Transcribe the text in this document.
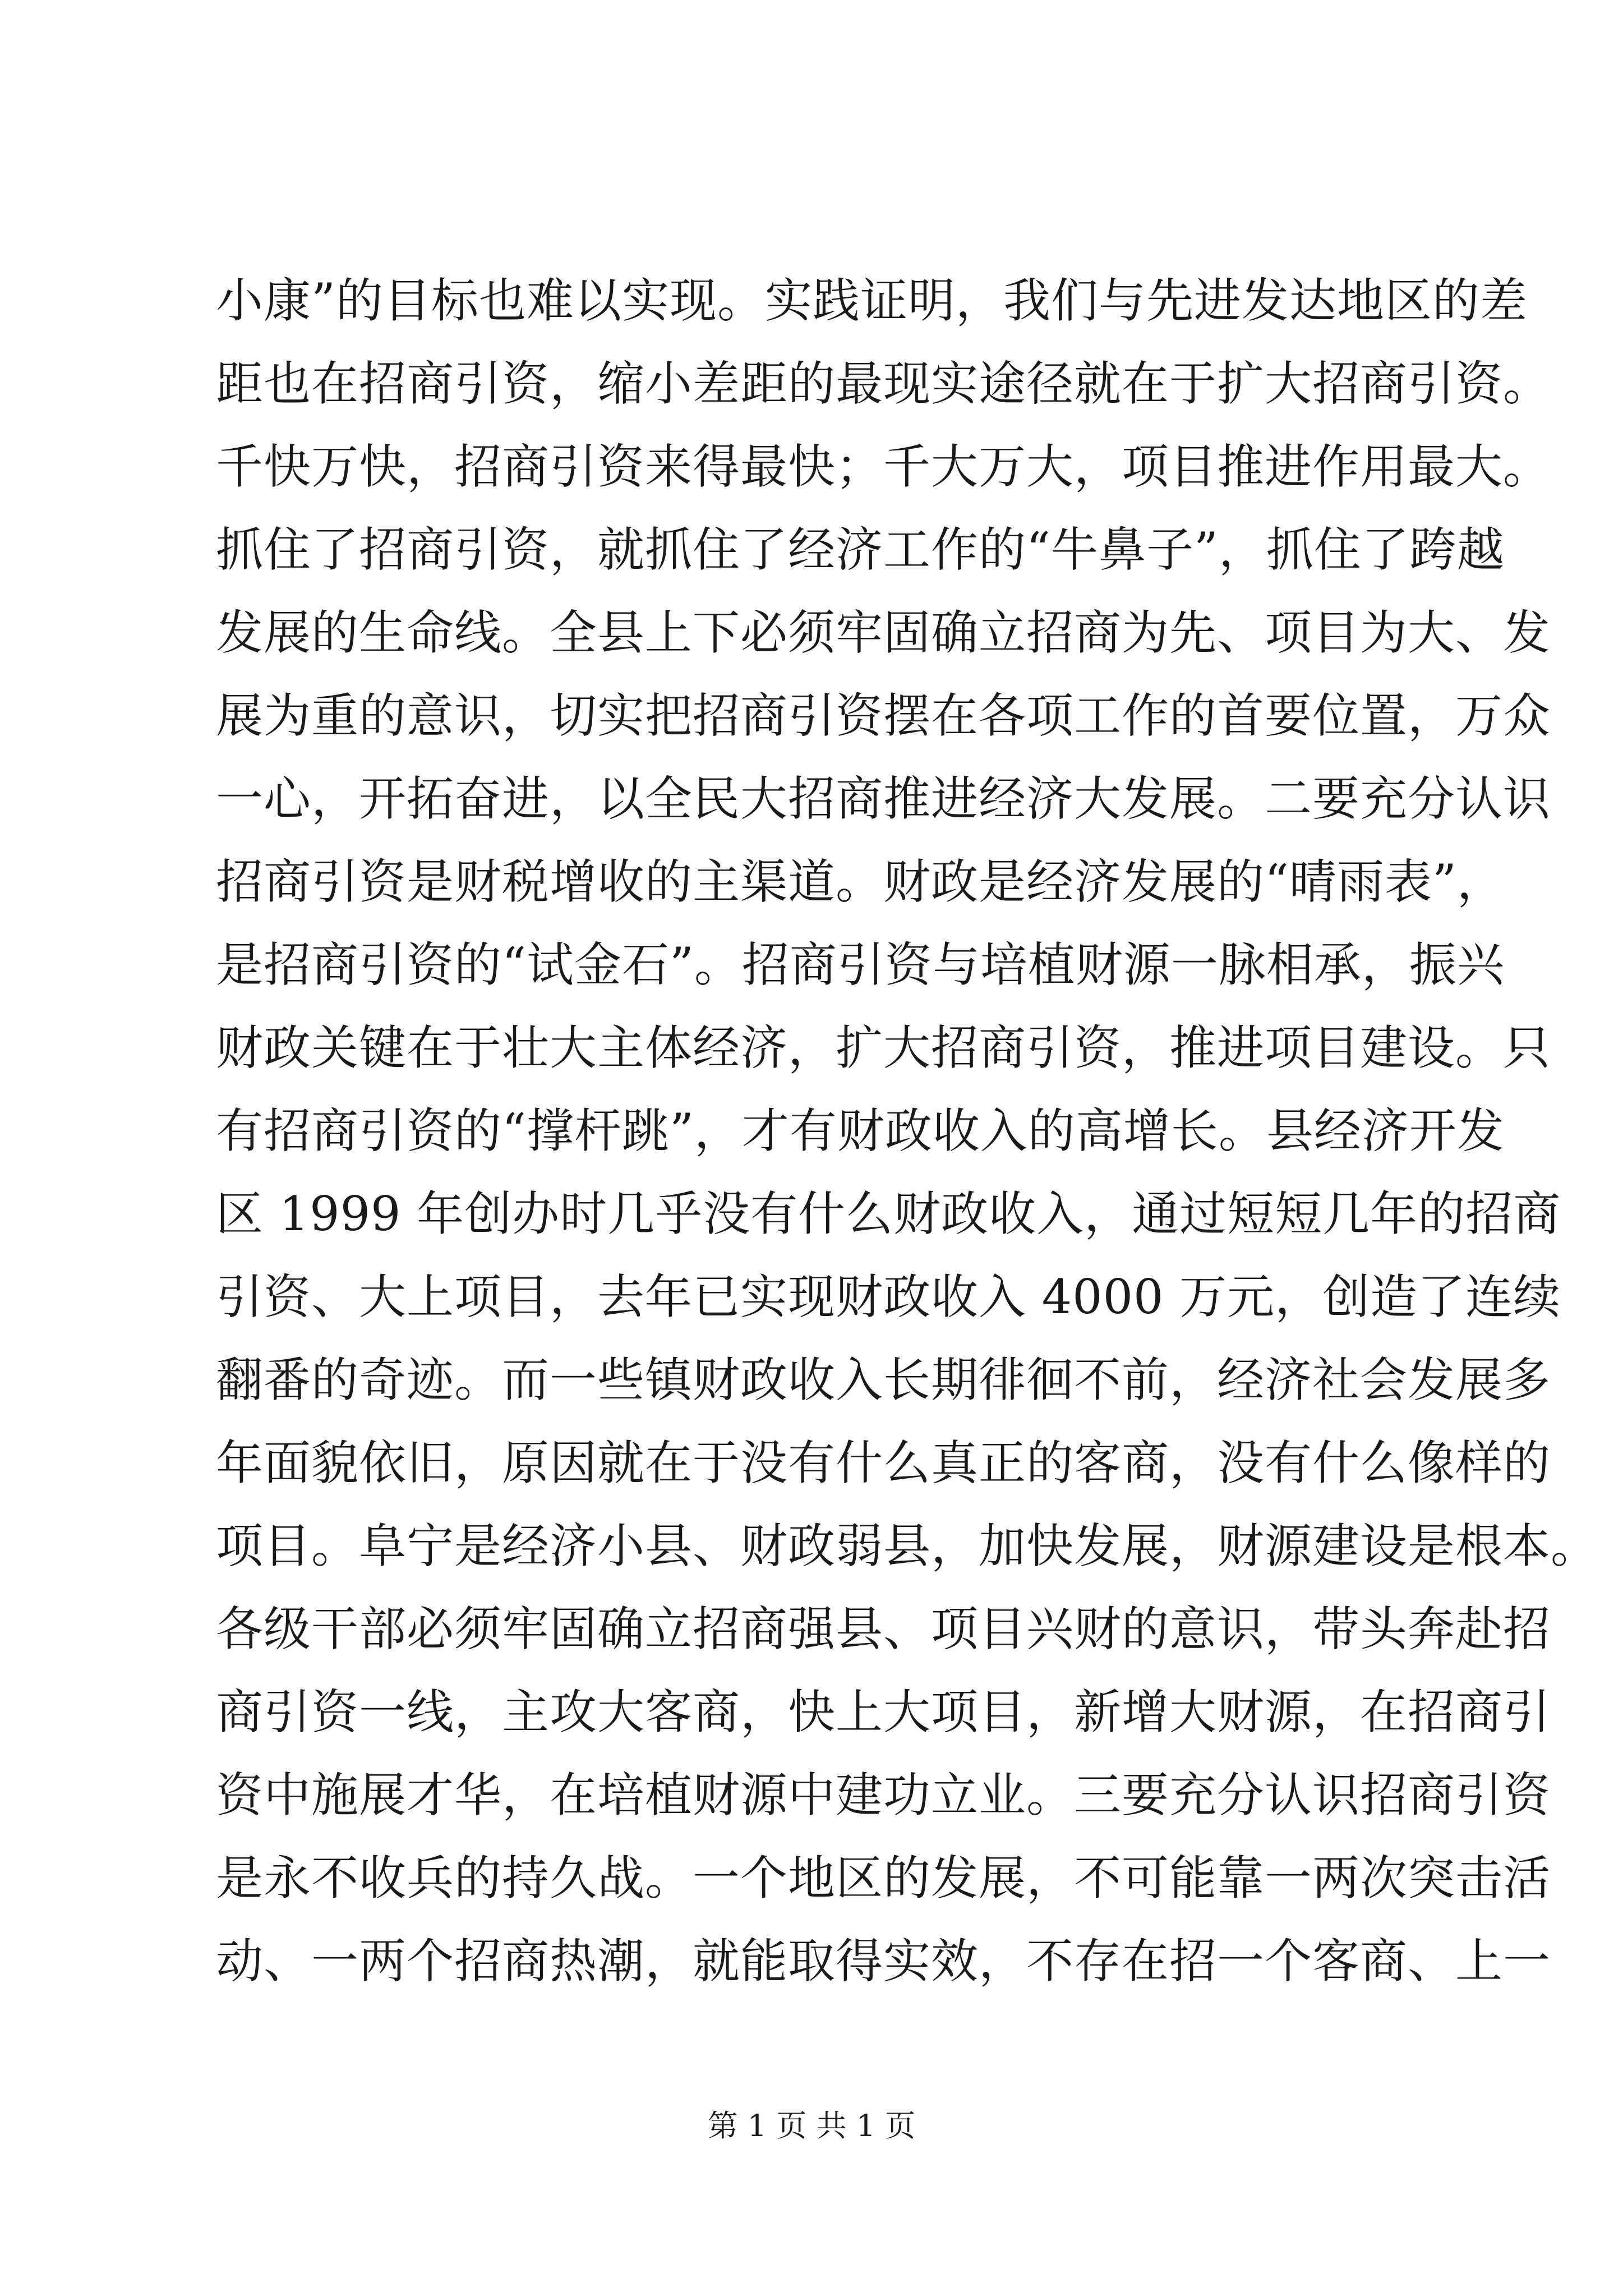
小康”的目标也难以实现。实践证明，我们与先进发达地区的差
距也在招商引资，缩小差距的最现实途径就在于扩大招商引资。
千快万快，招商引资来得最快；千大万大，项目推进作用最大。
抓住了招商引资，就抓住了经济工作的“牛鼻子”，抓住了跨越
发展的生命线。全县上下必须牢固确立招商为先、项目为大、发
展为重的意识，切实把招商引资摆在各项工作的首要位置，万众
一心，开拓奋进，以全民大招商推进经济大发展。二要充分认识
招商引资是财税增收的主渠道。财政是经济发展的“晴雨表”，
是招商引资的“试金石”。招商引资与培植财源一脉相承，振兴
财政关键在于壮大主体经济，扩大招商引资，推进项目建设。只
有招商引资的“撑杆跳”，才有财政收入的高增长。县经济开发
区 1999 年创办时几乎没有什么财政收入，通过短短几年的招商
引资、大上项目，去年已实现财政收入 4000 万元，创造了连续
翻番的奇迹。而一些镇财政收入长期徘徊不前，经济社会发展多
年面貌依旧，原因就在于没有什么真正的客商，没有什么像样的
项目。阜宁是经济小县、财政弱县，加快发展，财源建设是根本。
各级干部必须牢固确立招商强县、项目兴财的意识，带头奔赴招
商引资一线，主攻大客商，快上大项目，新增大财源，在招商引
资中施展才华，在培植财源中建功立业。三要充分认识招商引资
是永不收兵的持久战。一个地区的发展，不可能靠一两次突击活
动、一两个招商热潮，就能取得实效，不存在招一个客商、上一
第 1 页 共 1 页
